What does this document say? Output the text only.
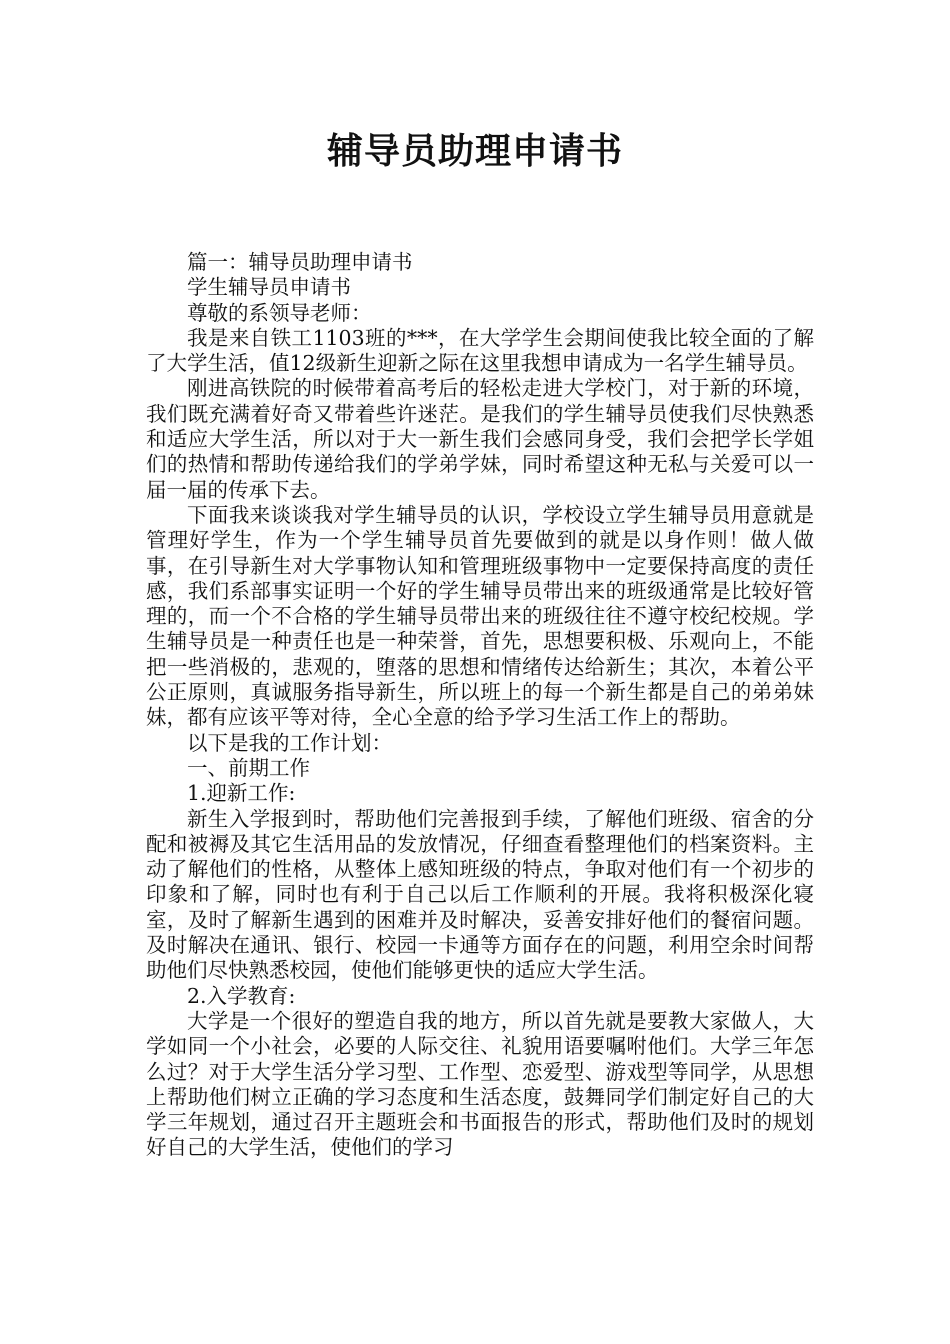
辅导员助理申请书

篇一：辅导员助理申请书

学生辅导员申请书

尊敬的系领导老师：

我是来自铁工1103班的***，在大学学生会期间使我比较全面的了解了大学生活，值12级新生迎新之际在这里我想申请成为一名学生辅导员。

刚进高铁院的时候带着高考后的轻松走进大学校门，对于新的环境，我们既充满着好奇又带着些许迷茫。是我们的学生辅导员使我们尽快熟悉和适应大学生活，所以对于大一新生我们会感同身受，我们会把学长学姐们的热情和帮助传递给我们的学弟学妹，同时希望这种无私与关爱可以一届一届的传承下去。

下面我来谈谈我对学生辅导员的认识，学校设立学生辅导员用意就是管理好学生，作为一个学生辅导员首先要做到的就是以身作则！做人做事，在引导新生对大学事物认知和管理班级事物中一定要保持高度的责任感，我们系部事实证明一个好的学生辅导员带出来的班级通常是比较好管理的，而一个不合格的学生辅导员带出来的班级往往不遵守校纪校规。学生辅导员是一种责任也是一种荣誉，首先，思想要积极、乐观向上，不能把一些消极的，悲观的，堕落的思想和情绪传达给新生；其次，本着公平公正原则，真诚服务指导新生，所以班上的每一个新生都是自己的弟弟妹妹，都有应该平等对待，全心全意的给予学习生活工作上的帮助。

以下是我的工作计划：

一、前期工作

1.迎新工作:

新生入学报到时，帮助他们完善报到手续，了解他们班级、宿舍的分配和被褥及其它生活用品的发放情况，仔细查看整理他们的档案资料。主动了解他们的性格，从整体上感知班级的特点，争取对他们有一个初步的印象和了解，同时也有利于自己以后工作顺利的开展。我将积极深化寝室，及时了解新生遇到的困难并及时解决，妥善安排好他们的餐宿问题。及时解决在通讯、银行、校园一卡通等方面存在的问题，利用空余时间帮助他们尽快熟悉校园，使他们能够更快的适应大学生活。

2.入学教育:

大学是一个很好的塑造自我的地方，所以首先就是要教大家做人，大学如同一个小社会，必要的人际交往、礼貌用语要嘱咐他们。大学三年怎么过？对于大学生活分学习型、工作型、恋爱型、游戏型等同学，从思想上帮助他们树立正确的学习态度和生活态度，鼓舞同学们制定好自己的大学三年规划，通过召开主题班会和书面报告的形式，帮助他们及时的规划好自己的大学生活，使他们的学习
